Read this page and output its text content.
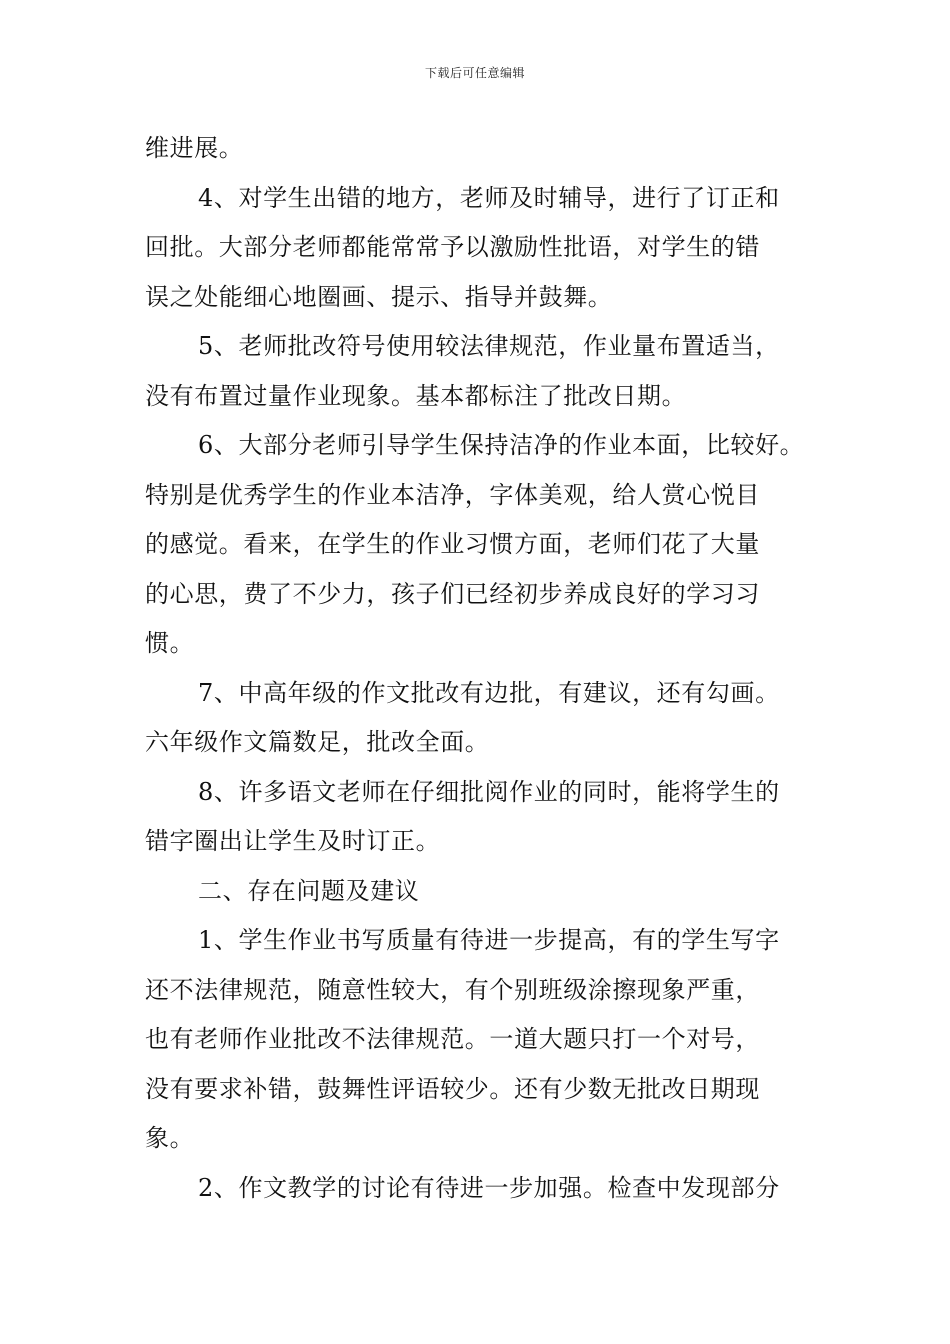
下载后可任意编辑
维进展。
4、对学生出错的地方，老师及时辅导，进行了订正和
回批。大部分老师都能常常予以激励性批语，对学生的错
误之处能细心地圈画、提示、指导并鼓舞。
5、老师批改符号使用较法律规范，作业量布置适当，
没有布置过量作业现象。基本都标注了批改日期。
6、大部分老师引导学生保持洁净的作业本面，比较好。
特别是优秀学生的作业本洁净，字体美观，给人赏心悦目
的感觉。看来，在学生的作业习惯方面，老师们花了大量
的心思，费了不少力，孩子们已经初步养成良好的学习习
惯。
7、中高年级的作文批改有边批，有建议，还有勾画。
六年级作文篇数足，批改全面。
8、许多语文老师在仔细批阅作业的同时，能将学生的
错字圈出让学生及时订正。
二、存在问题及建议
1、学生作业书写质量有待进一步提高，有的学生写字
还不法律规范，随意性较大，有个别班级涂擦现象严重，
也有老师作业批改不法律规范。一道大题只打一个对号，
没有要求补错，鼓舞性评语较少。还有少数无批改日期现
象。
2、作文教学的讨论有待进一步加强。检查中发现部分
